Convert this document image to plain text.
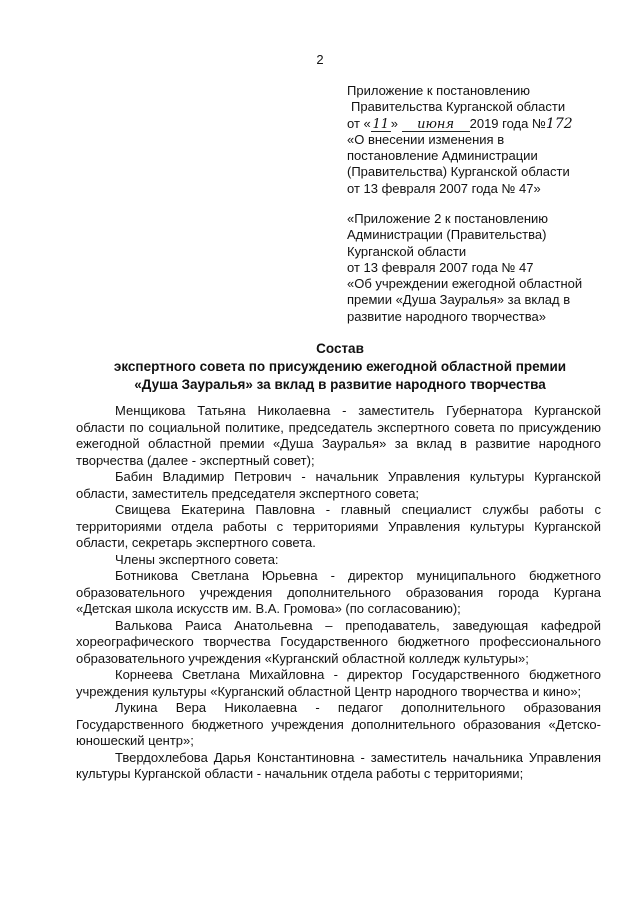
2
Приложение к постановлению
Правительства Курганской области
от « 11 » июня 2019 года №172
«О внесении изменения в
постановление Администрации
(Правительства) Курганской области
от 13 февраля 2007 года № 47»
«Приложение 2 к постановлению
Администрации (Правительства)
Курганской области
от 13 февраля 2007 года № 47
«Об учреждении ежегодной областной
премии «Душа Зауралья» за вклад в
развитие народного творчества»
Состав
экспертного совета по присуждению ежегодной областной премии
«Душа Зауралья» за вклад в развитие народного творчества

Менщикова Татьяна Николаевна - заместитель Губернатора Курганской области по социальной политике, председатель экспертного совета по присуждению ежегодной областной премии «Душа Зауралья» за вклад в развитие народного творчества (далее - экспертный совет);

Бабин Владимир Петрович - начальник Управления культуры Курганской области, заместитель председателя экспертного совета;

Свищева Екатерина Павловна - главный специалист службы работы с территориями отдела работы с территориями Управления культуры Курганской области, секретарь экспертного совета.

Члены экспертного совета:

Ботникова Светлана Юрьевна - директор муниципального бюджетного образовательного учреждения дополнительного образования города Кургана «Детская школа искусств им. В.А. Громова» (по согласованию);

Валькова Раиса Анатольевна – преподаватель, заведующая кафедрой хореографического творчества Государственного бюджетного профессионального образовательного учреждения «Курганский областной колледж культуры»;

Корнеева Светлана Михайловна - директор Государственного бюджетного учреждения культуры «Курганский областной Центр народного творчества и кино»;

Лукина Вера Николаевна - педагог дополнительного образования Государственного бюджетного учреждения дополнительного образования «Детско-юношеский центр»;

Твердохлебова Дарья Константиновна - заместитель начальника Управления культуры Курганской области - начальник отдела работы с территориями;
